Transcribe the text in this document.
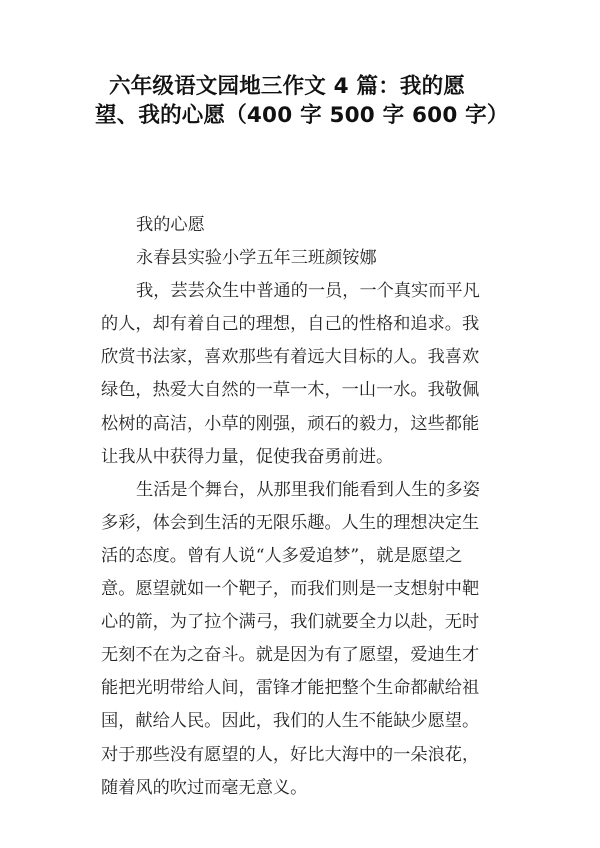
六年级语文园地三作文 4 篇：我的愿
望、我的心愿（400 字 500 字 600 字）
我的心愿
永春县实验小学五年三班颜铵娜
我，芸芸众生中普通的一员，一个真实而平凡
的人，却有着自己的理想，自己的性格和追求。我
欣赏书法家，喜欢那些有着远大目标的人。我喜欢
绿色，热爱大自然的一草一木，一山一水。我敬佩
松树的高洁，小草的刚强，顽石的毅力，这些都能
让我从中获得力量，促使我奋勇前进。
生活是个舞台，从那里我们能看到人生的多姿
多彩，体会到生活的无限乐趣。人生的理想决定生
活的态度。曾有人说“人多爱追梦”，就是愿望之
意。愿望就如一个靶子，而我们则是一支想射中靶
心的箭，为了拉个满弓，我们就要全力以赴，无时
无刻不在为之奋斗。就是因为有了愿望，爱迪生才
能把光明带给人间，雷锋才能把整个生命都献给祖
国，献给人民。因此，我们的人生不能缺少愿望。
对于那些没有愿望的人，好比大海中的一朵浪花，
随着风的吹过而毫无意义。
